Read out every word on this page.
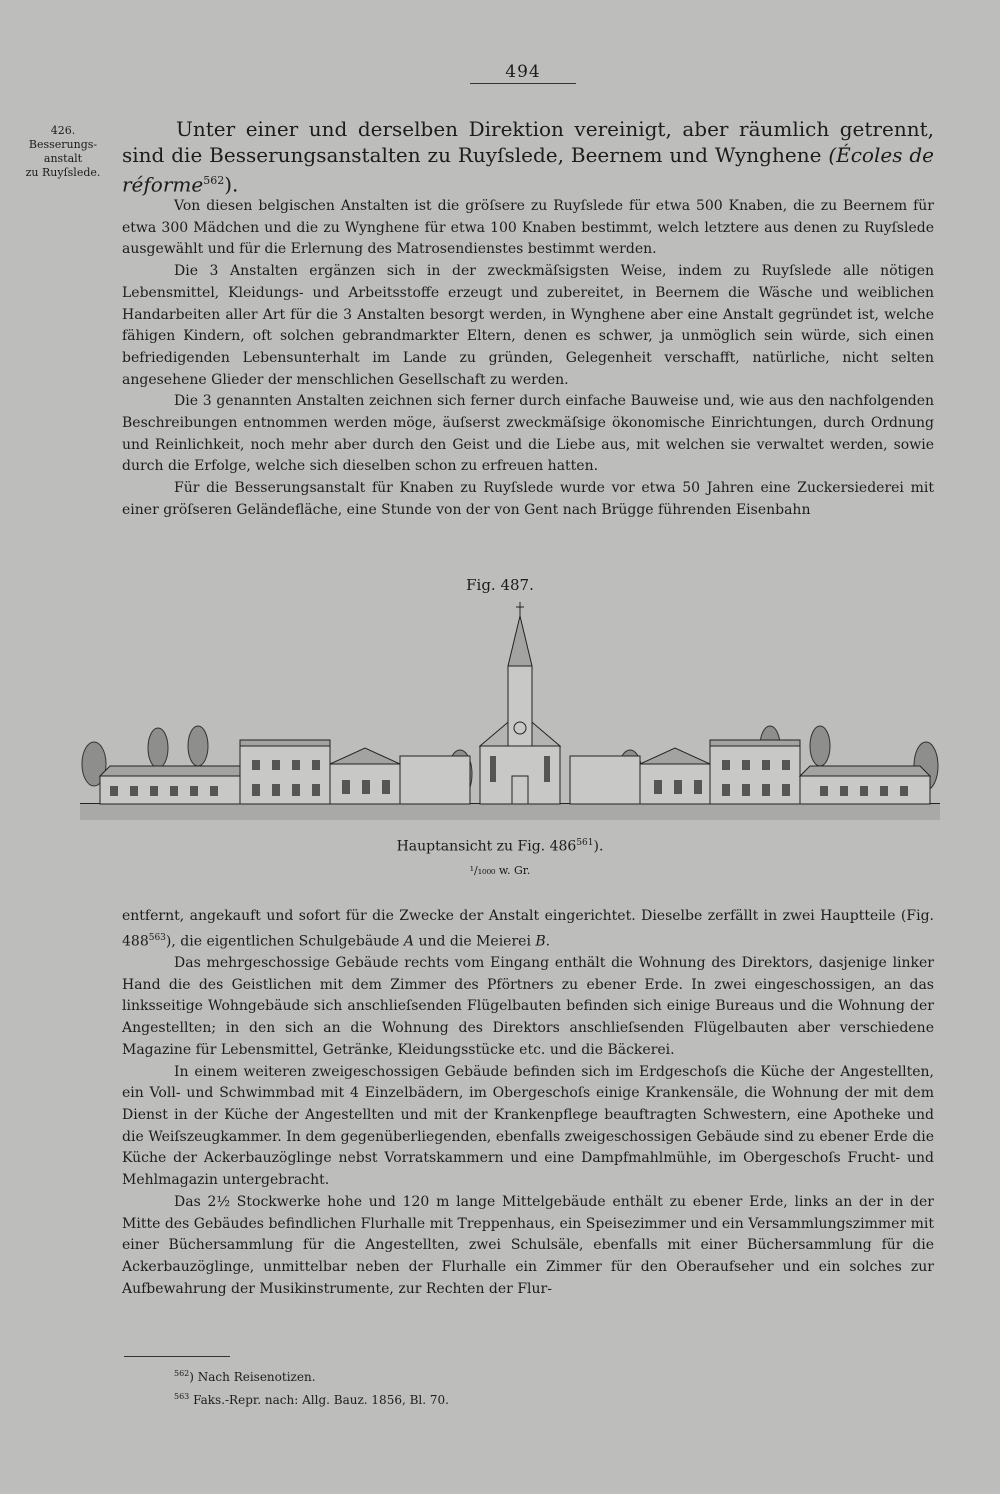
494
426.
Besserungs-
anstalt
zu Ruyſslede.
Unter einer und derselben Direktion vereinigt, aber räumlich getrennt, sind die Besserungsanstalten zu Ruyſslede, Beernem und Wynghene (Écoles de réforme$^{562}$).

Von diesen belgischen Anstalten ist die gröſsere zu Ruyſslede für etwa 500 Knaben, die zu Beernem für etwa 300 Mädchen und die zu Wynghene für etwa 100 Knaben bestimmt, welch letztere aus denen zu Ruyſslede ausgewählt und für die Erlernung des Matrosendienstes bestimmt werden.

Die 3 Anstalten ergänzen sich in der zweckmäſsigsten Weise, indem zu Ruyſslede alle nötigen Lebensmittel, Kleidungs- und Arbeitsstoffe erzeugt und zubereitet, in Beernem die Wäsche und weiblichen Handarbeiten aller Art für die 3 Anstalten besorgt werden, in Wynghene aber eine Anstalt gegründet ist, welche fähigen Kindern, oft solchen gebrandmarkter Eltern, denen es schwer, ja unmöglich sein würde, sich einen befriedigenden Lebensunterhalt im Lande zu gründen, Gelegenheit verschafft, natürliche, nicht selten angesehene Glieder der menschlichen Gesellschaft zu werden.

Die 3 genannten Anstalten zeichnen sich ferner durch einfache Bauweise und, wie aus den nachfolgenden Beschreibungen entnommen werden möge, äuſserst zweckmäſsige ökonomische Einrichtungen, durch Ordnung und Reinlichkeit, noch mehr aber durch den Geist und die Liebe aus, mit welchen sie verwaltet werden, sowie durch die Erfolge, welche sich dieselben schon zu erfreuen hatten.

Für die Besserungsanstalt für Knaben zu Ruyſslede wurde vor etwa 50 Jahren eine Zuckersiederei mit einer gröſseren Geländefläche, eine Stunde von der von Gent nach Brügge führenden Eisenbahn

Fig. 487.
Hauptansicht zu Fig. $486^{561}$).
¹/₁₀₀₀ w. Gr.

entfernt, angekauft und sofort für die Zwecke der Anstalt eingerichtet. Dieselbe zerfällt in zwei Hauptteile (Fig. $488^{563}$), die eigentlichen Schulgebäude A und die Meierei B.

Das mehrgeschossige Gebäude rechts vom Eingang enthält die Wohnung des Direktors, dasjenige linker Hand die des Geistlichen mit dem Zimmer des Pförtners zu ebener Erde. In zwei eingeschossigen, an das linksseitige Wohngebäude sich anschlieſsenden Flügelbauten befinden sich einige Bureaus und die Wohnung der Angestellten; in den sich an die Wohnung des Direktors anschlieſsenden Flügelbauten aber verschiedene Magazine für Lebensmittel, Getränke, Kleidungsstücke etc. und die Bäckerei.

In einem weiteren zweigeschossigen Gebäude befinden sich im Erdgeschoſs die Küche der Angestellten, ein Voll- und Schwimmbad mit 4 Einzelbädern, im Obergeschoſs einige Krankensäle, die Wohnung der mit dem Dienst in der Küche der Angestellten und mit der Krankenpflege beauftragten Schwestern, eine Apotheke und die Weiſszeugkammer. In dem gegenüberliegenden, ebenfalls zweigeschossigen Gebäude sind zu ebener Erde die Küche der Ackerbauzöglinge nebst Vorratskammern und eine Dampfmahlmühle, im Obergeschoſs Frucht- und Mehlmagazin untergebracht.

Das 2½ Stockwerke hohe und 120 m lange Mittelgebäude enthält zu ebener Erde, links an der in der Mitte des Gebäudes befindlichen Flurhalle mit Treppenhaus, ein Speisezimmer und ein Versammlungszimmer mit einer Büchersammlung für die Angestellten, zwei Schulsäle, ebenfalls mit einer Büchersammlung für die Ackerbauzöglinge, unmittelbar neben der Flurhalle ein Zimmer für den Oberaufseher und ein solches zur Aufbewahrung der Musikinstrumente, zur Rechten der Flur-

$^{562}$) Nach Reisenotizen.
$^{563}$ Faks.-Repr. nach: Allg. Bauz. 1856, Bl. 70.
